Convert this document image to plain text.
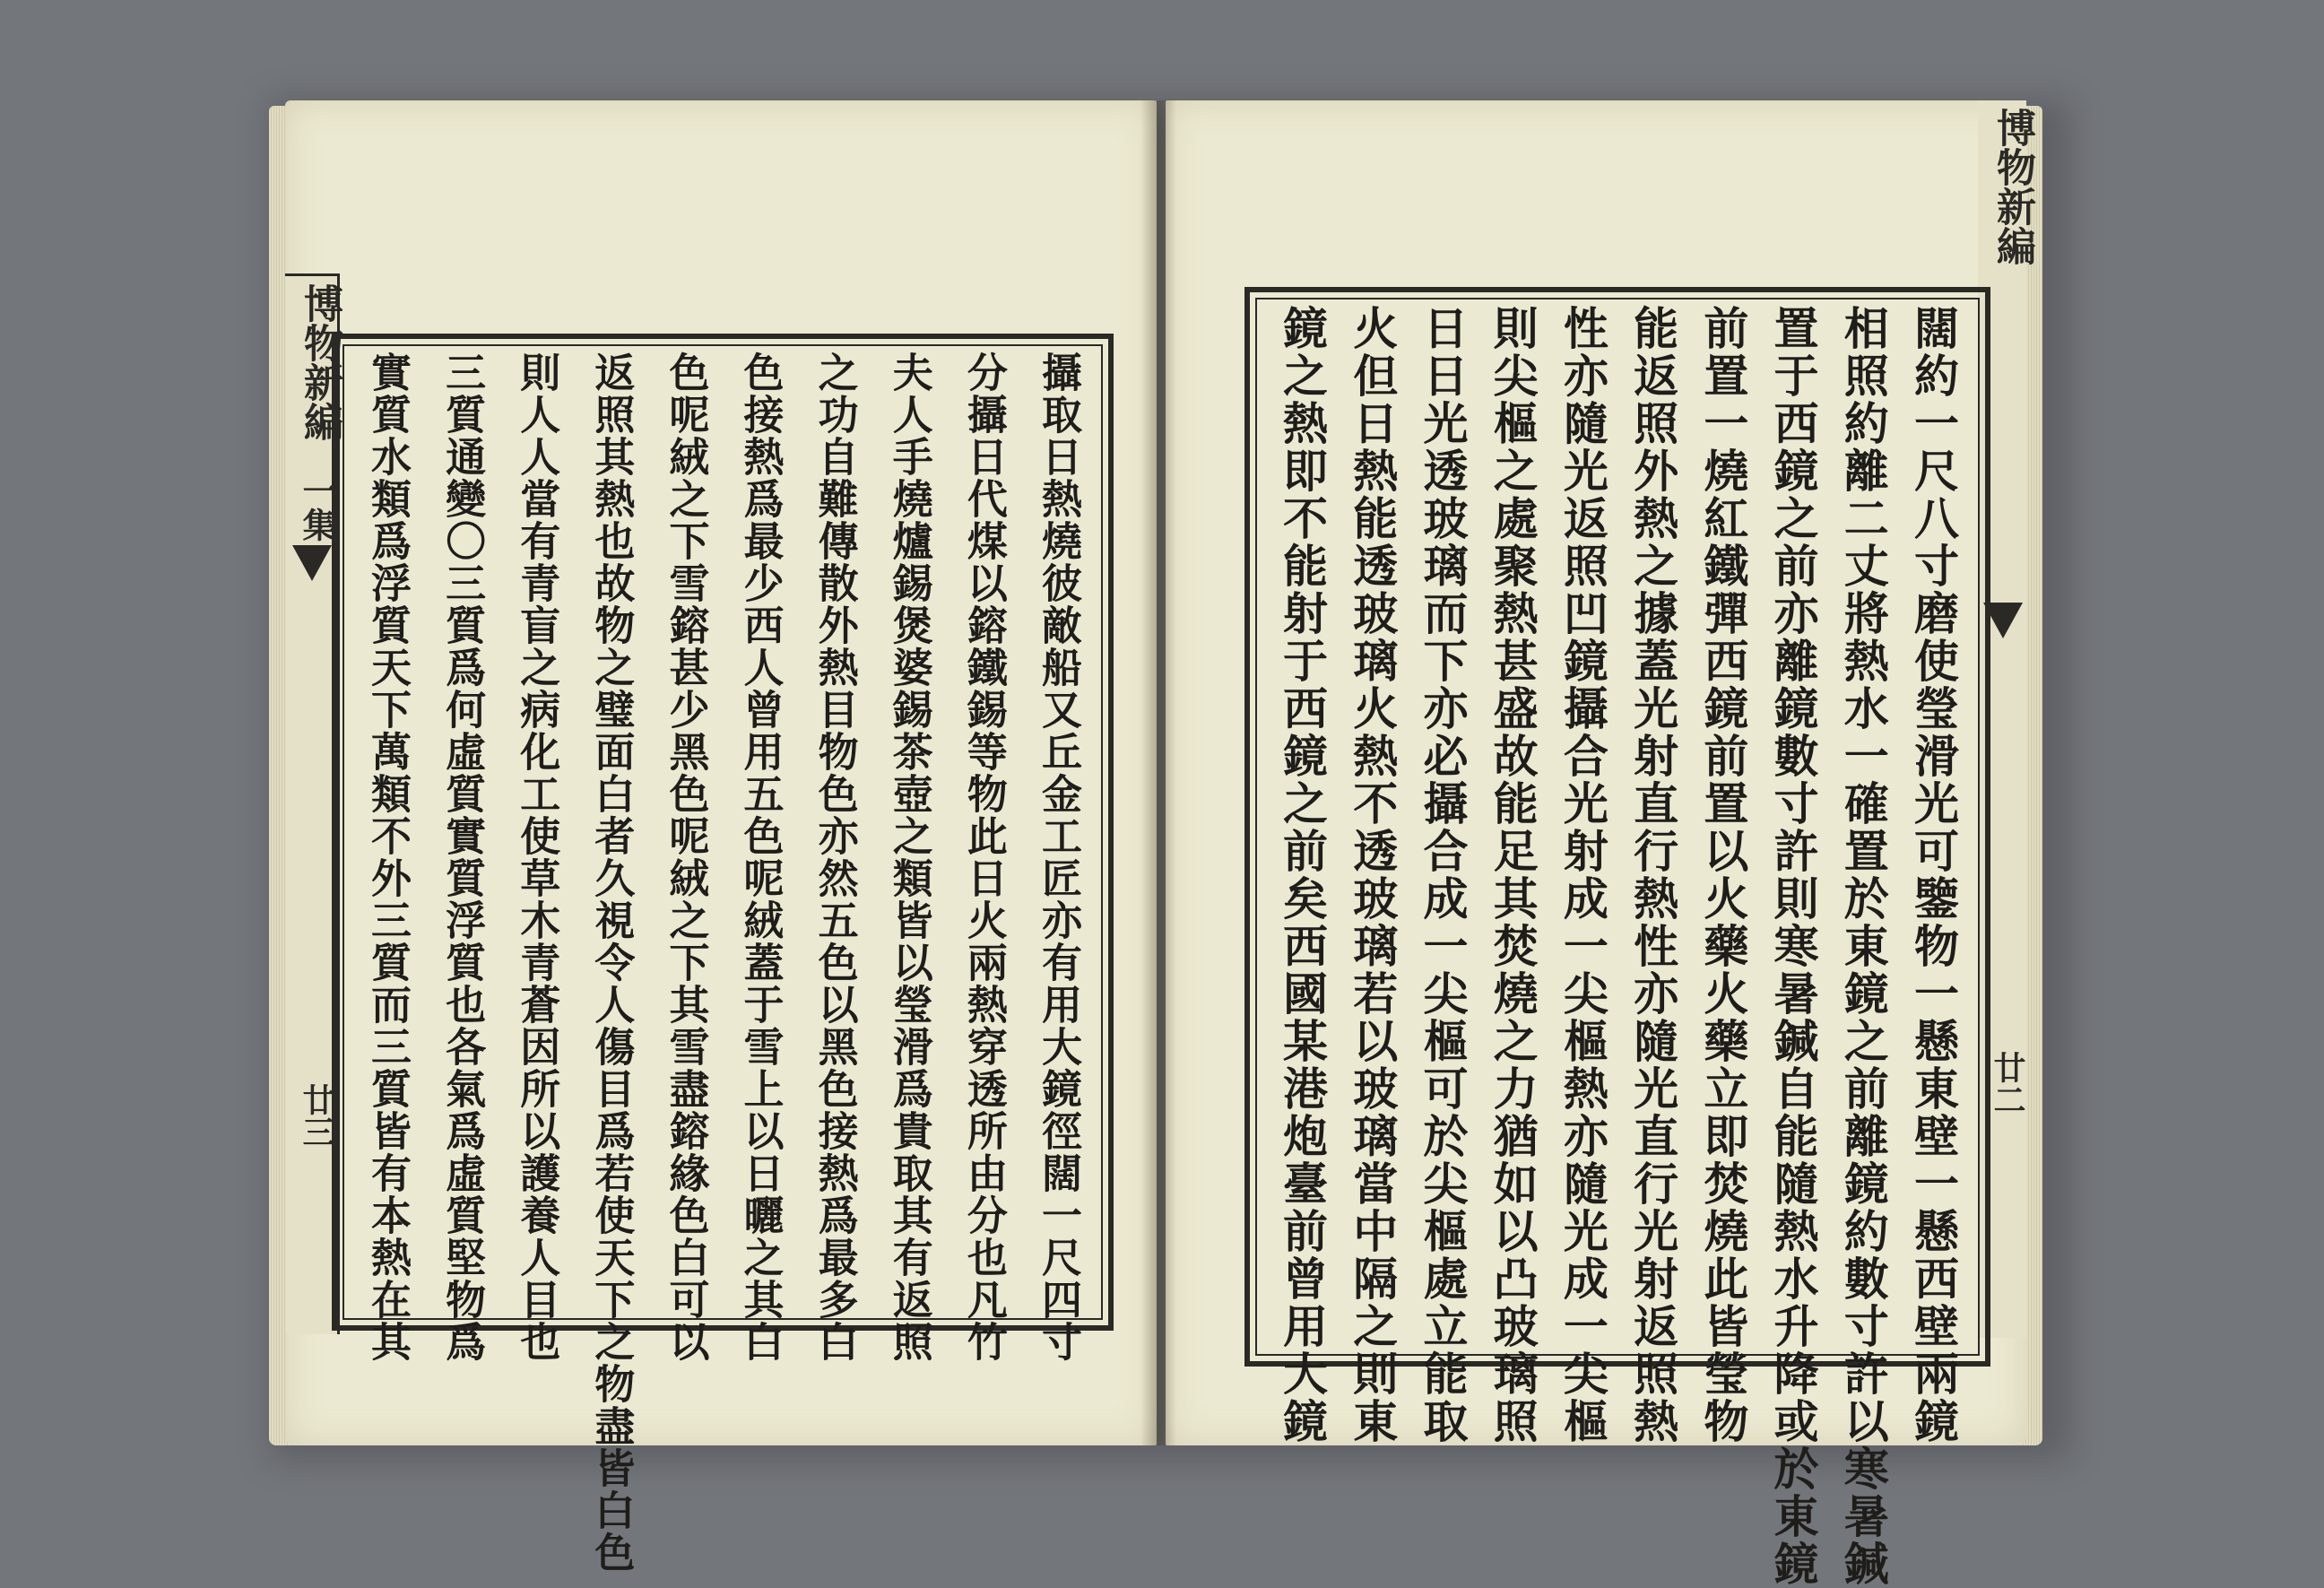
博物新編
一集
廿三	攝取日熱燒彼敵船又丘金工匠亦有用大鏡徑闊一尺四寸
分攝日代煤以鎔鐵錫等物此日火兩熱穿透所由分也凡竹
夫人手燒爐錫煲婆錫茶壺之類皆以瑩滑爲貴取其有返照
之功自難傳散外熱目物色亦然五色以黑色接熱爲最多白
色接熱爲最少西人曾用五色呢絨蓋于雪上以日曬之其白
色呢絨之下雪鎔甚少黑色呢絨之下其雪盡鎔緣色白可以
返照其熱也故物之璧面白者久視令人傷目爲若使天下之物盡皆白色
則人人當有青盲之病化工使草木青蒼因所以護養人目也
三質通變〇三質爲何虛質實質浮質也各氣爲虛質堅物爲
實質水類爲浮質天下萬類不外三質而三質皆有本熱在其
博物新編
廿二
闊約一尺八寸磨使瑩滑光可鑒物一懸東壁一懸西壁兩鏡
相照約離二丈將熱水一確置於東鏡之前離鏡約數寸許以寒暑鍼
置于西鏡之前亦離鏡數寸許則寒暑鍼自能隨熱水升降或於東鏡
前置一燒紅鐵彈西鏡前置以火藥火藥立即焚燒此皆瑩物
能返照外熱之據蓋光射直行熱性亦隨光直行光射返照熱
性亦隨光返照凹鏡攝合光射成一尖樞熱亦隨光成一尖樞
則尖樞之處聚熱甚盛故能足其焚燒之力猶如以凸玻璃照
日日光透玻璃而下亦必攝合成一尖樞可於尖樞處立能取
火但日熱能透玻璃火熱不透玻璃若以玻璃當中隔之則東
鏡之熱即不能射于西鏡之前矣西國某港炮臺前曾用大鏡
